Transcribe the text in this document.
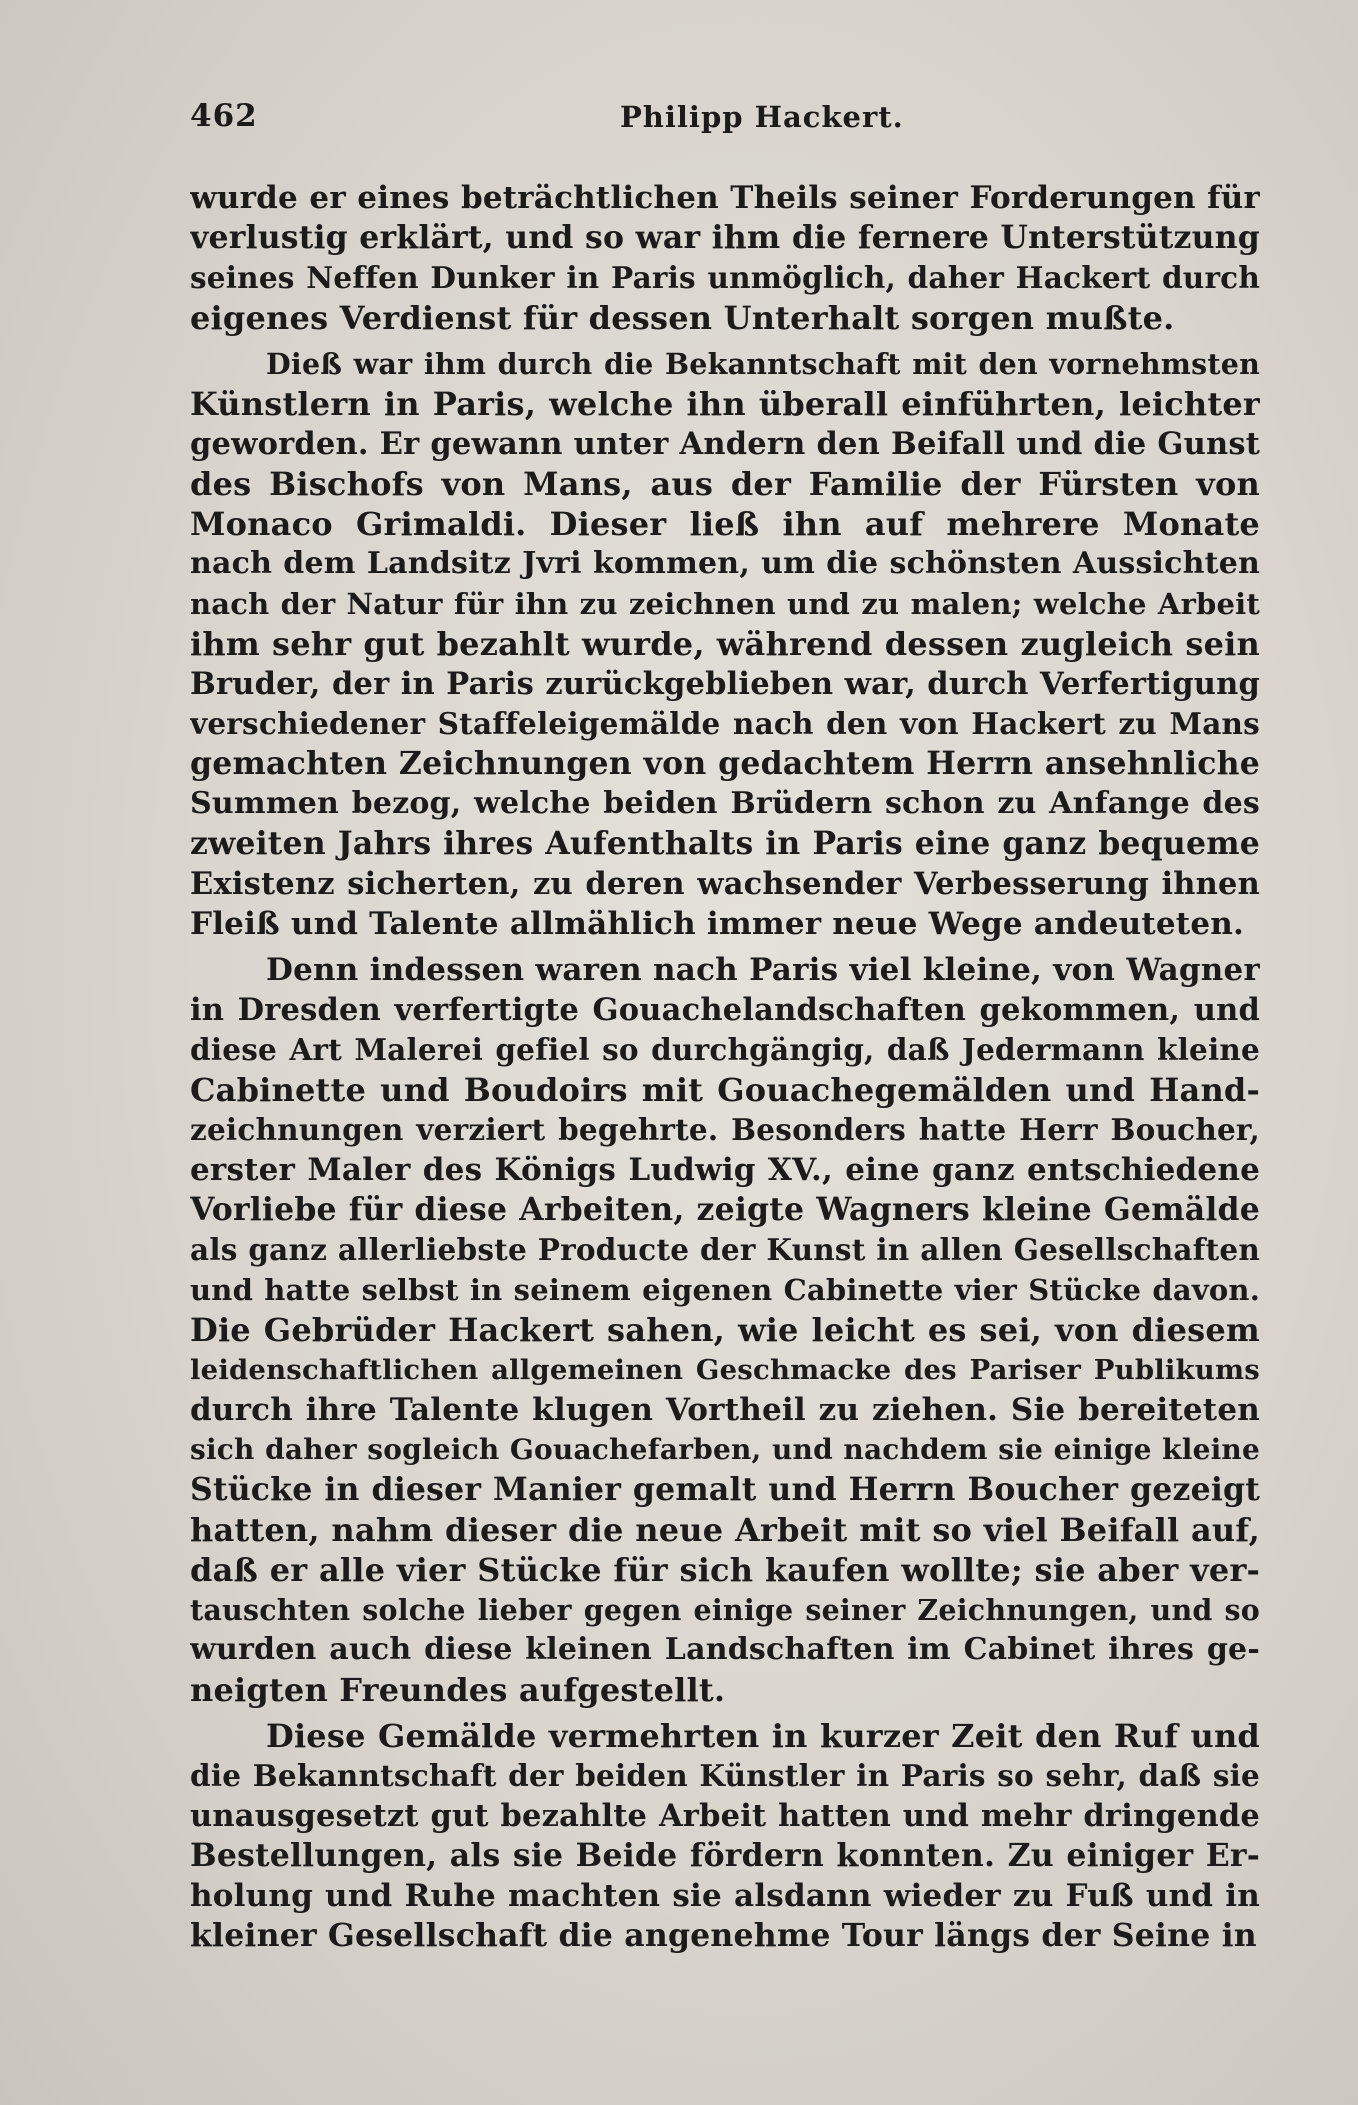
462	Philipp Hackert.
wurde er eines beträchtlichen Theils seiner Forderungen für
verlustig erklärt, und so war ihm die fernere Unterstützung
seines Neffen Dunker in Paris unmöglich, daher Hackert durch
eigenes Verdienst für dessen Unterhalt sorgen mußte.
Dieß war ihm durch die Bekanntschaft mit den vornehmsten
Künstlern in Paris, welche ihn überall einführten, leichter
geworden. Er gewann unter Andern den Beifall und die Gunst
des Bischofs von Mans, aus der Familie der Fürsten von
Monaco Grimaldi. Dieser ließ ihn auf mehrere Monate
nach dem Landsitz Jvri kommen, um die schönsten Aussichten
nach der Natur für ihn zu zeichnen und zu malen; welche Arbeit
ihm sehr gut bezahlt wurde, während dessen zugleich sein
Bruder, der in Paris zurückgeblieben war, durch Verfertigung
verschiedener Staffeleigemälde nach den von Hackert zu Mans
gemachten Zeichnungen von gedachtem Herrn ansehnliche
Summen bezog, welche beiden Brüdern schon zu Anfange des
zweiten Jahrs ihres Aufenthalts in Paris eine ganz bequeme
Existenz sicherten, zu deren wachsender Verbesserung ihnen
Fleiß und Talente allmählich immer neue Wege andeuteten.
Denn indessen waren nach Paris viel kleine, von Wagner
in Dresden verfertigte Gouachelandschaften gekommen, und
diese Art Malerei gefiel so durchgängig, daß Jedermann kleine
Cabinette und Boudoirs mit Gouachegemälden und Hand-
zeichnungen verziert begehrte. Besonders hatte Herr Boucher,
erster Maler des Königs Ludwig XV., eine ganz entschiedene
Vorliebe für diese Arbeiten, zeigte Wagners kleine Gemälde
als ganz allerliebste Producte der Kunst in allen Gesellschaften
und hatte selbst in seinem eigenen Cabinette vier Stücke davon.
Die Gebrüder Hackert sahen, wie leicht es sei, von diesem
leidenschaftlichen allgemeinen Geschmacke des Pariser Publikums
durch ihre Talente klugen Vortheil zu ziehen. Sie bereiteten
sich daher sogleich Gouachefarben, und nachdem sie einige kleine
Stücke in dieser Manier gemalt und Herrn Boucher gezeigt
hatten, nahm dieser die neue Arbeit mit so viel Beifall auf,
daß er alle vier Stücke für sich kaufen wollte; sie aber ver-
tauschten solche lieber gegen einige seiner Zeichnungen, und so
wurden auch diese kleinen Landschaften im Cabinet ihres ge-
neigten Freundes aufgestellt.
Diese Gemälde vermehrten in kurzer Zeit den Ruf und
die Bekanntschaft der beiden Künstler in Paris so sehr, daß sie
unausgesetzt gut bezahlte Arbeit hatten und mehr dringende
Bestellungen, als sie Beide fördern konnten. Zu einiger Er-
holung und Ruhe machten sie alsdann wieder zu Fuß und in
kleiner Gesellschaft die angenehme Tour längs der Seine in
